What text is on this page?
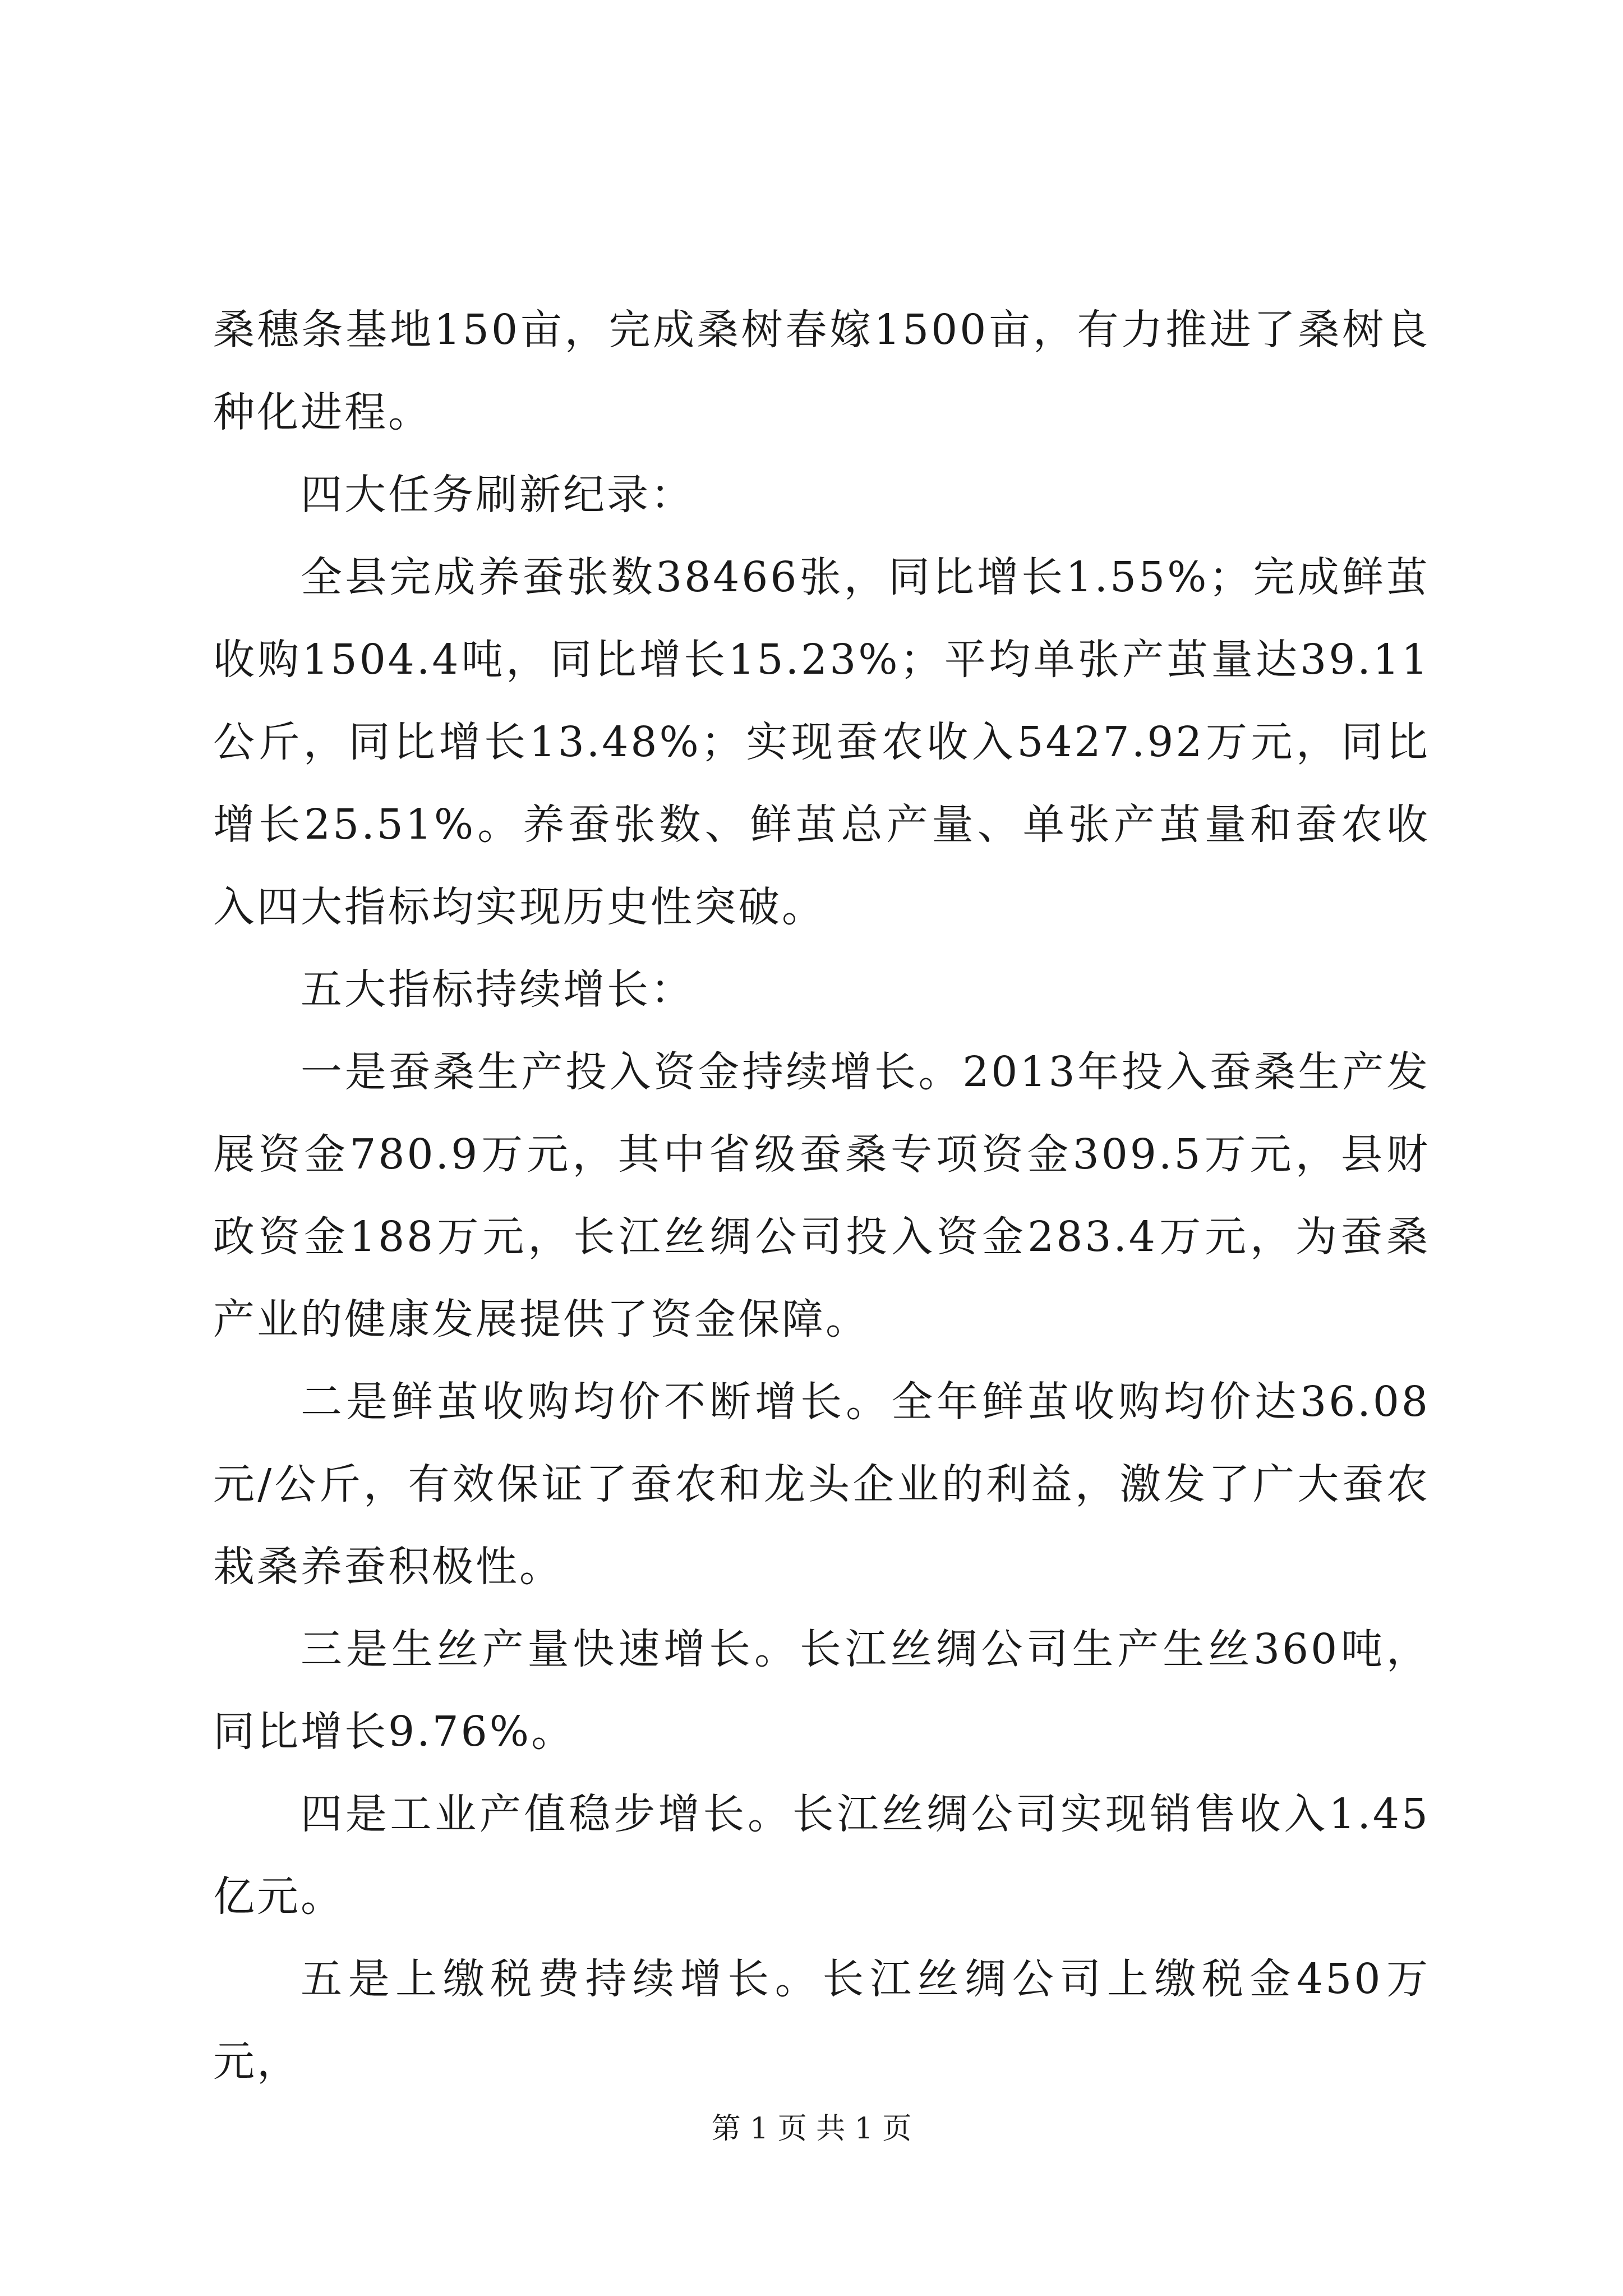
桑穗条基地150亩，完成桑树春嫁1500亩，有力推进了桑树良种化进程。

四大任务刷新纪录：

全县完成养蚕张数38466张，同比增长1.55%；完成鲜茧收购1504.4吨，同比增长15.23%；平均单张产茧量达39.11公斤，同比增长13.48%；实现蚕农收入5427.92万元，同比增长25.51%。养蚕张数、鲜茧总产量、单张产茧量和蚕农收入四大指标均实现历史性突破。

五大指标持续增长：

一是蚕桑生产投入资金持续增长。2013年投入蚕桑生产发展资金780.9万元，其中省级蚕桑专项资金309.5万元，县财政资金188万元，长江丝绸公司投入资金283.4万元，为蚕桑产业的健康发展提供了资金保障。

二是鲜茧收购均价不断增长。全年鲜茧收购均价达36.08元/公斤，有效保证了蚕农和龙头企业的利益，激发了广大蚕农栽桑养蚕积极性。

三是生丝产量快速增长。长江丝绸公司生产生丝360吨，同比增长9.76%。

四是工业产值稳步增长。长江丝绸公司实现销售收入1.45亿元。

五是上缴税费持续增长。长江丝绸公司上缴税金450万元，

第 1 页 共 1 页
